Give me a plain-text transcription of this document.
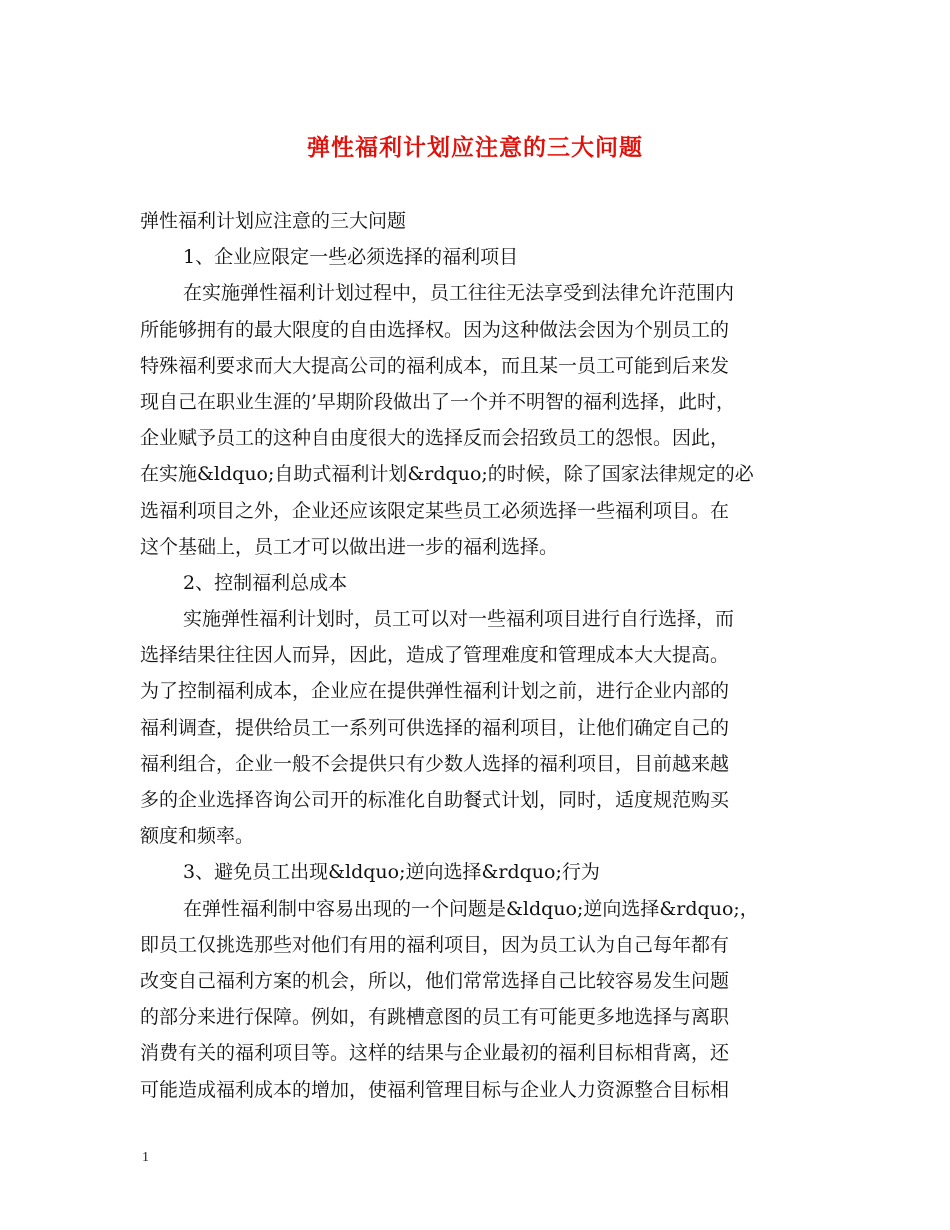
弹性福利计划应注意的三大问题
弹性福利计划应注意的三大问题
1、企业应限定一些必须选择的福利项目
在实施弹性福利计划过程中，员工往往无法享受到法律允许范围内
所能够拥有的最大限度的自由选择权。因为这种做法会因为个别员工的
特殊福利要求而大大提高公司的福利成本，而且某一员工可能到后来发
现自己在职业生涯的’早期阶段做出了一个并不明智的福利选择，此时，
企业赋予员工的这种自由度很大的选择反而会招致员工的怨恨。因此，
在实施&ldquo;自助式福利计划&rdquo;的时候，除了国家法律规定的必
选福利项目之外，企业还应该限定某些员工必须选择一些福利项目。在
这个基础上，员工才可以做出进一步的福利选择。
2、控制福利总成本
实施弹性福利计划时，员工可以对一些福利项目进行自行选择，而
选择结果往往因人而异，因此，造成了管理难度和管理成本大大提高。
为了控制福利成本，企业应在提供弹性福利计划之前，进行企业内部的
福利调查，提供给员工一系列可供选择的福利项目，让他们确定自己的
福利组合，企业一般不会提供只有少数人选择的福利项目，目前越来越
多的企业选择咨询公司开的标准化自助餐式计划，同时，适度规范购买
额度和频率。
3、避免员工出现&ldquo;逆向选择&rdquo;行为
在弹性福利制中容易出现的一个问题是&ldquo;逆向选择&rdquo;，
即员工仅挑选那些对他们有用的福利项目，因为员工认为自己每年都有
改变自己福利方案的机会，所以，他们常常选择自己比较容易发生问题
的部分来进行保障。例如，有跳槽意图的员工有可能更多地选择与离职
消费有关的福利项目等。这样的结果与企业最初的福利目标相背离，还
可能造成福利成本的增加，使福利管理目标与企业人力资源整合目标相
1
